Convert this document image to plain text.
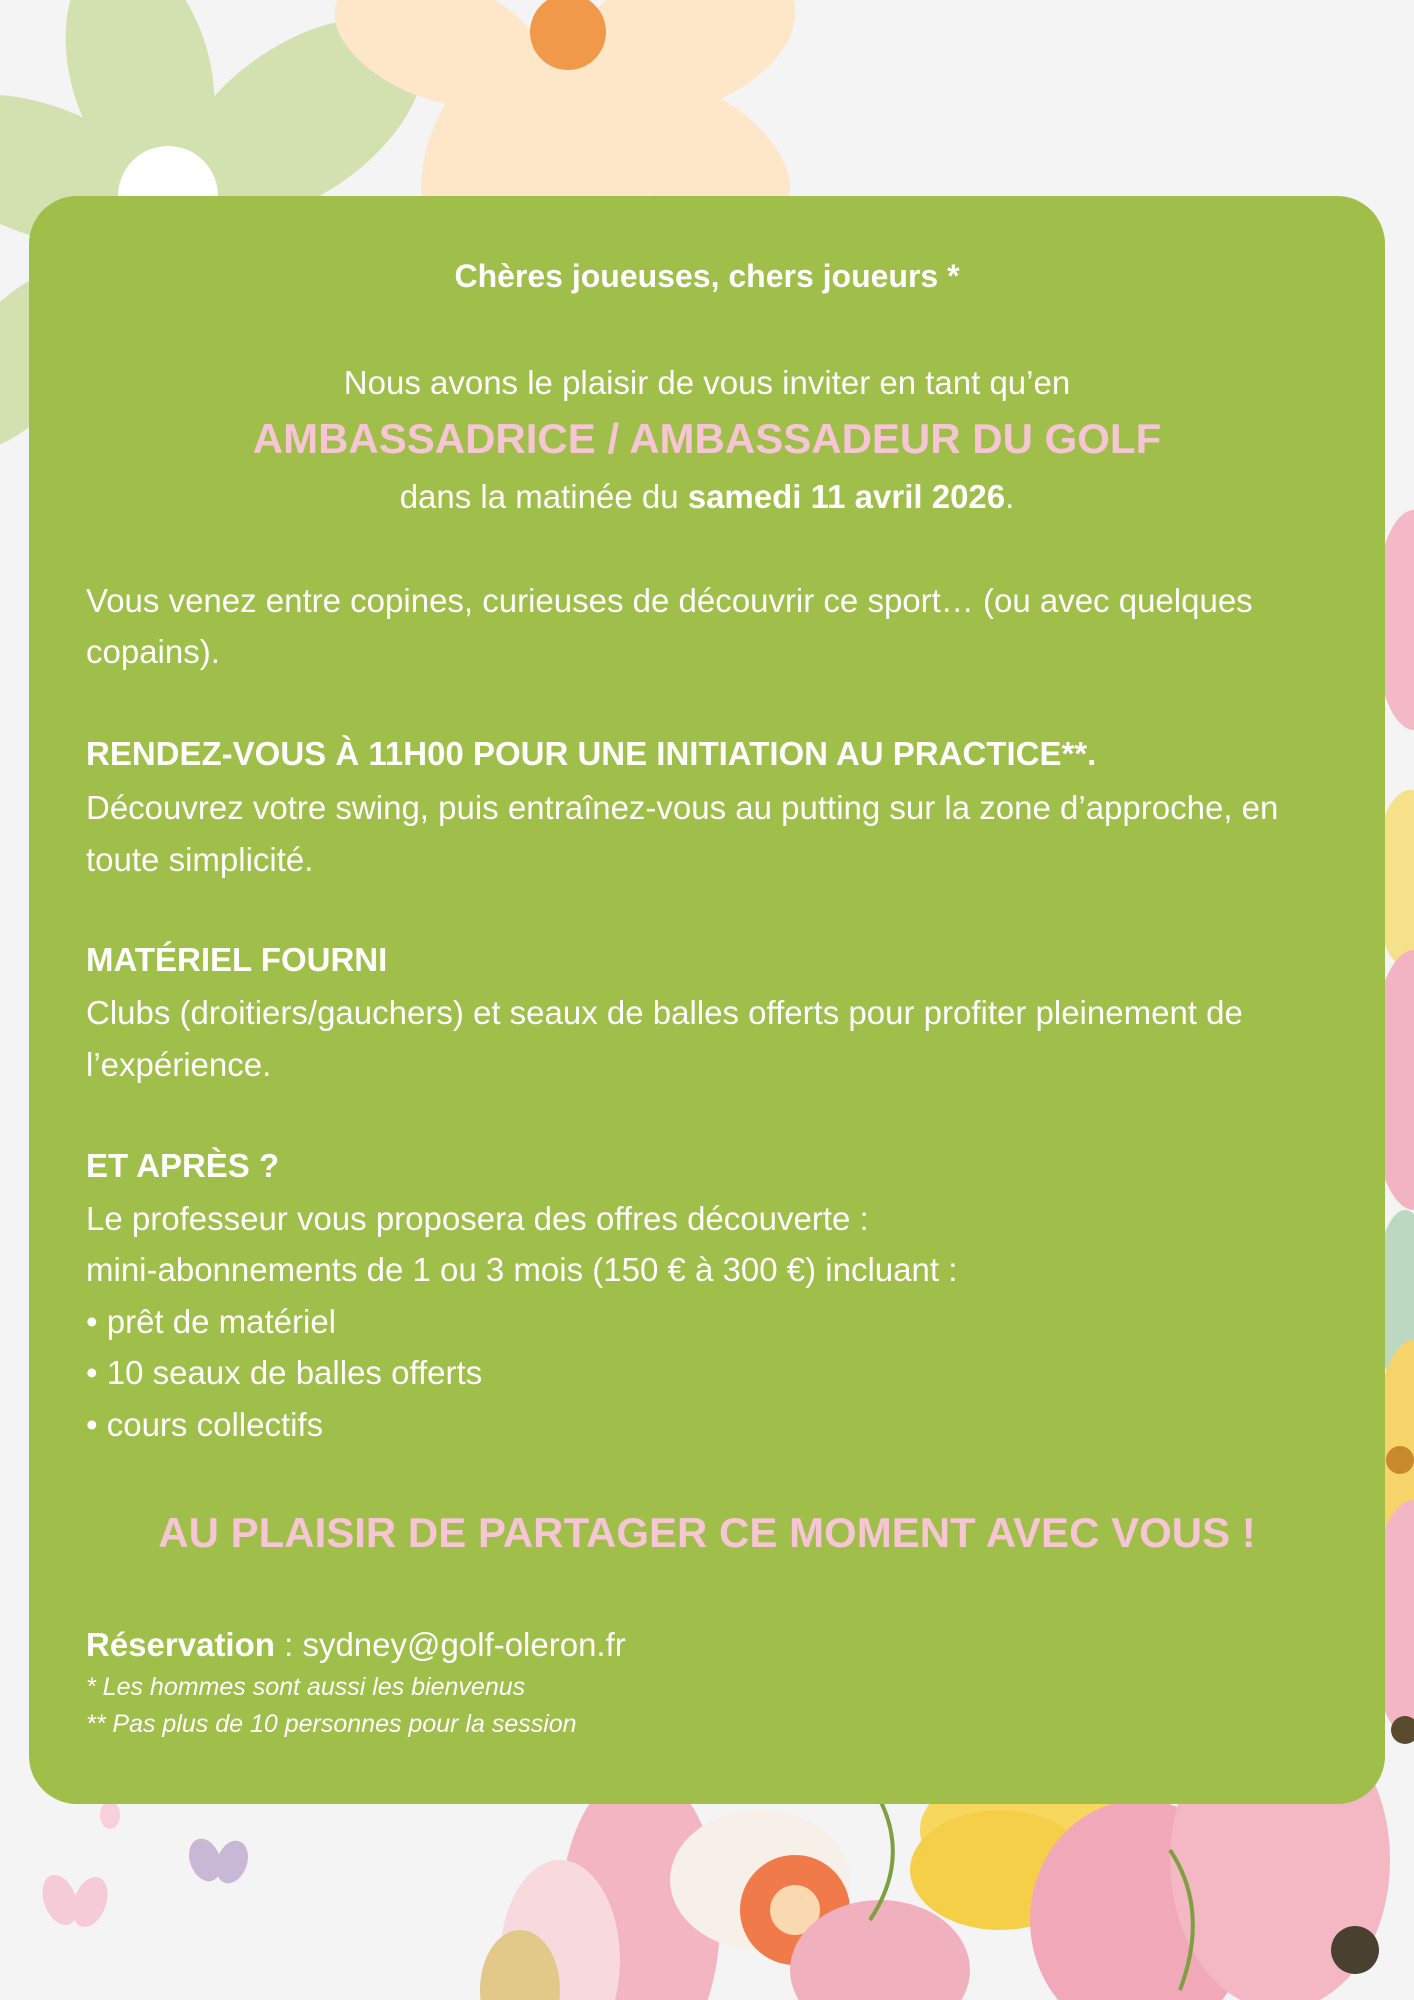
Chères joueuses, chers joueurs *

Nous avons le plaisir de vous inviter en tant qu’en

AMBASSADRICE / AMBASSADEUR DU GOLF

dans la matinée du samedi 11 avril 2026.

Vous venez entre copines, curieuses de découvrir ce sport… (ou avec quelques

copains).

RENDEZ-VOUS À 11H00 POUR UNE INITIATION AU PRACTICE**.

Découvrez votre swing, puis entraînez-vous au putting sur la zone d’approche, en

toute simplicité.

MATÉRIEL FOURNI

Clubs (droitiers/gauchers) et seaux de balles offerts pour profiter pleinement de

l’expérience.

ET APRÈS ?

Le professeur vous proposera des offres découverte :

mini-abonnements de 1 ou 3 mois (150 € à 300 €) incluant :

• prêt de matériel

• 10 seaux de balles offerts

• cours collectifs

AU PLAISIR DE PARTAGER CE MOMENT AVEC VOUS !

Réservation : sydney@golf-oleron.fr

* Les hommes sont aussi les bienvenus

** Pas plus de 10 personnes pour la session
